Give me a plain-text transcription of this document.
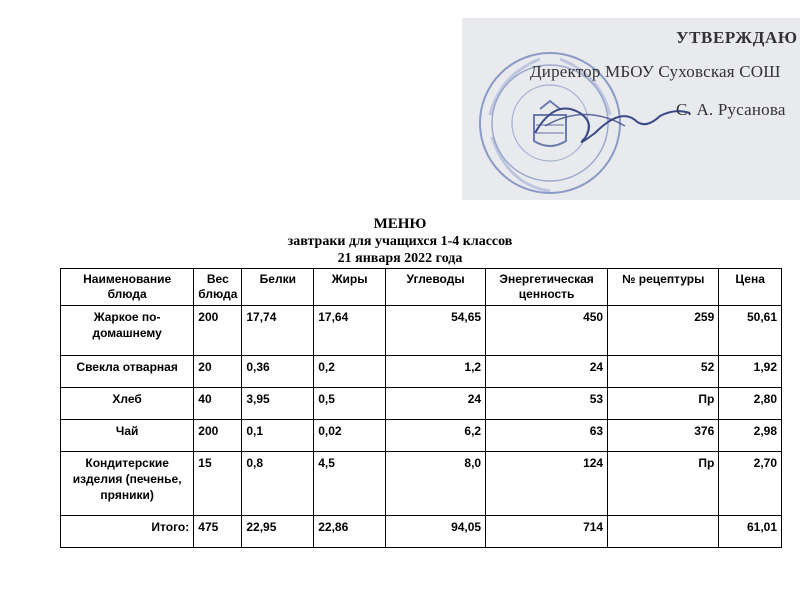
УТВЕРЖДАЮ
Директор МБОУ Суховская СОШ
С. А. Русанова
МЕНЮ
завтраки для учащихся 1-4 классов
21 января 2022 года
Наименование блюда	Вес блюда	Белки	Жиры	Углеводы	Энергетическая ценность	№ рецептуры	Цена
Жаркое по-домашнему	200	17,74	17,64	54,65	450	259	50,61
Свекла отварная	20	0,36	0,2	1,2	24	52	1,92
Хлеб	40	3,95	0,5	24	53	Пр	2,80
Чай	200	0,1	0,02	6,2	63	376	2,98
Кондитерские изделия (печенье, пряники)	15	0,8	4,5	8,0	124	Пр	2,70
Итого:	475	22,95	22,86	94,05	714		61,01
